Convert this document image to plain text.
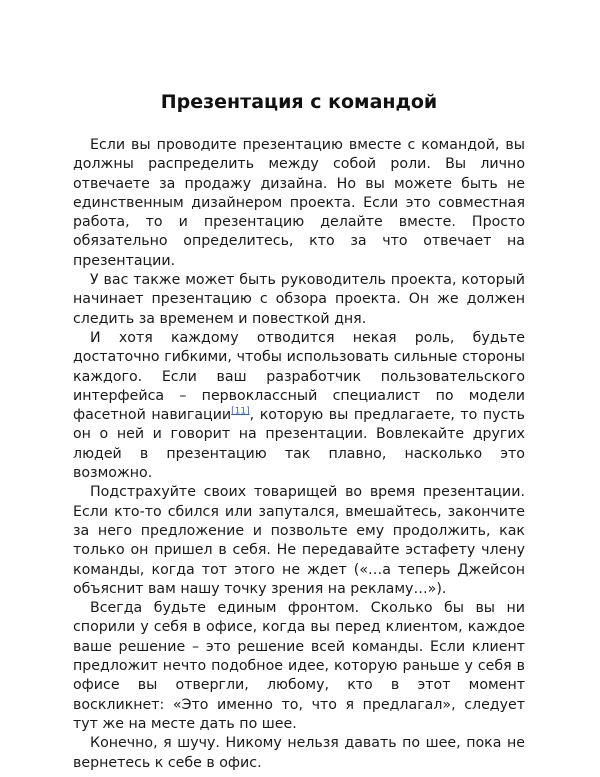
Презентация с командой

Если вы проводите презентацию вместе с командой, вы должны распределить между собой роли. Вы лично отвечаете за продажу дизайна. Но вы можете быть не единственным дизайнером проекта. Если это совместная работа, то и презентацию делайте вместе. Просто обязательно определитесь, кто за что отвечает на презентации.

У вас также может быть руководитель проекта, который начинает презентацию с обзора проекта. Он же должен следить за временем и повесткой дня.

И хотя каждому отводится некая роль, будьте достаточно гибкими, чтобы использовать сильные стороны каждого. Если ваш разработчик пользовательского интерфейса – первоклассный специалист по модели фасетной навигации[11], которую вы предлагаете, то пусть он о ней и говорит на презентации. Вовлекайте других людей в презентацию так плавно, насколько это возможно.

Подстрахуйте своих товарищей во время презентации. Если кто-то сбился или запутался, вмешайтесь, закончите за него предложение и позвольте ему продолжить, как только он пришел в себя. Не передавайте эстафету члену команды, когда тот этого не ждет («…а теперь Джейсон объяснит вам нашу точку зрения на рекламу…»).

Всегда будьте единым фронтом. Сколько бы вы ни спорили у себя в офисе, когда вы перед клиентом, каждое ваше решение – это решение всей команды. Если клиент предложит нечто подобное идее, которую раньше у себя в офисе вы отвергли, любому, кто в этот момент воскликнет: «Это именно то, что я предлагал», следует тут же на месте дать по шее.

Конечно, я шучу. Никому нельзя давать по шее, пока не вернетесь к себе в офис.
